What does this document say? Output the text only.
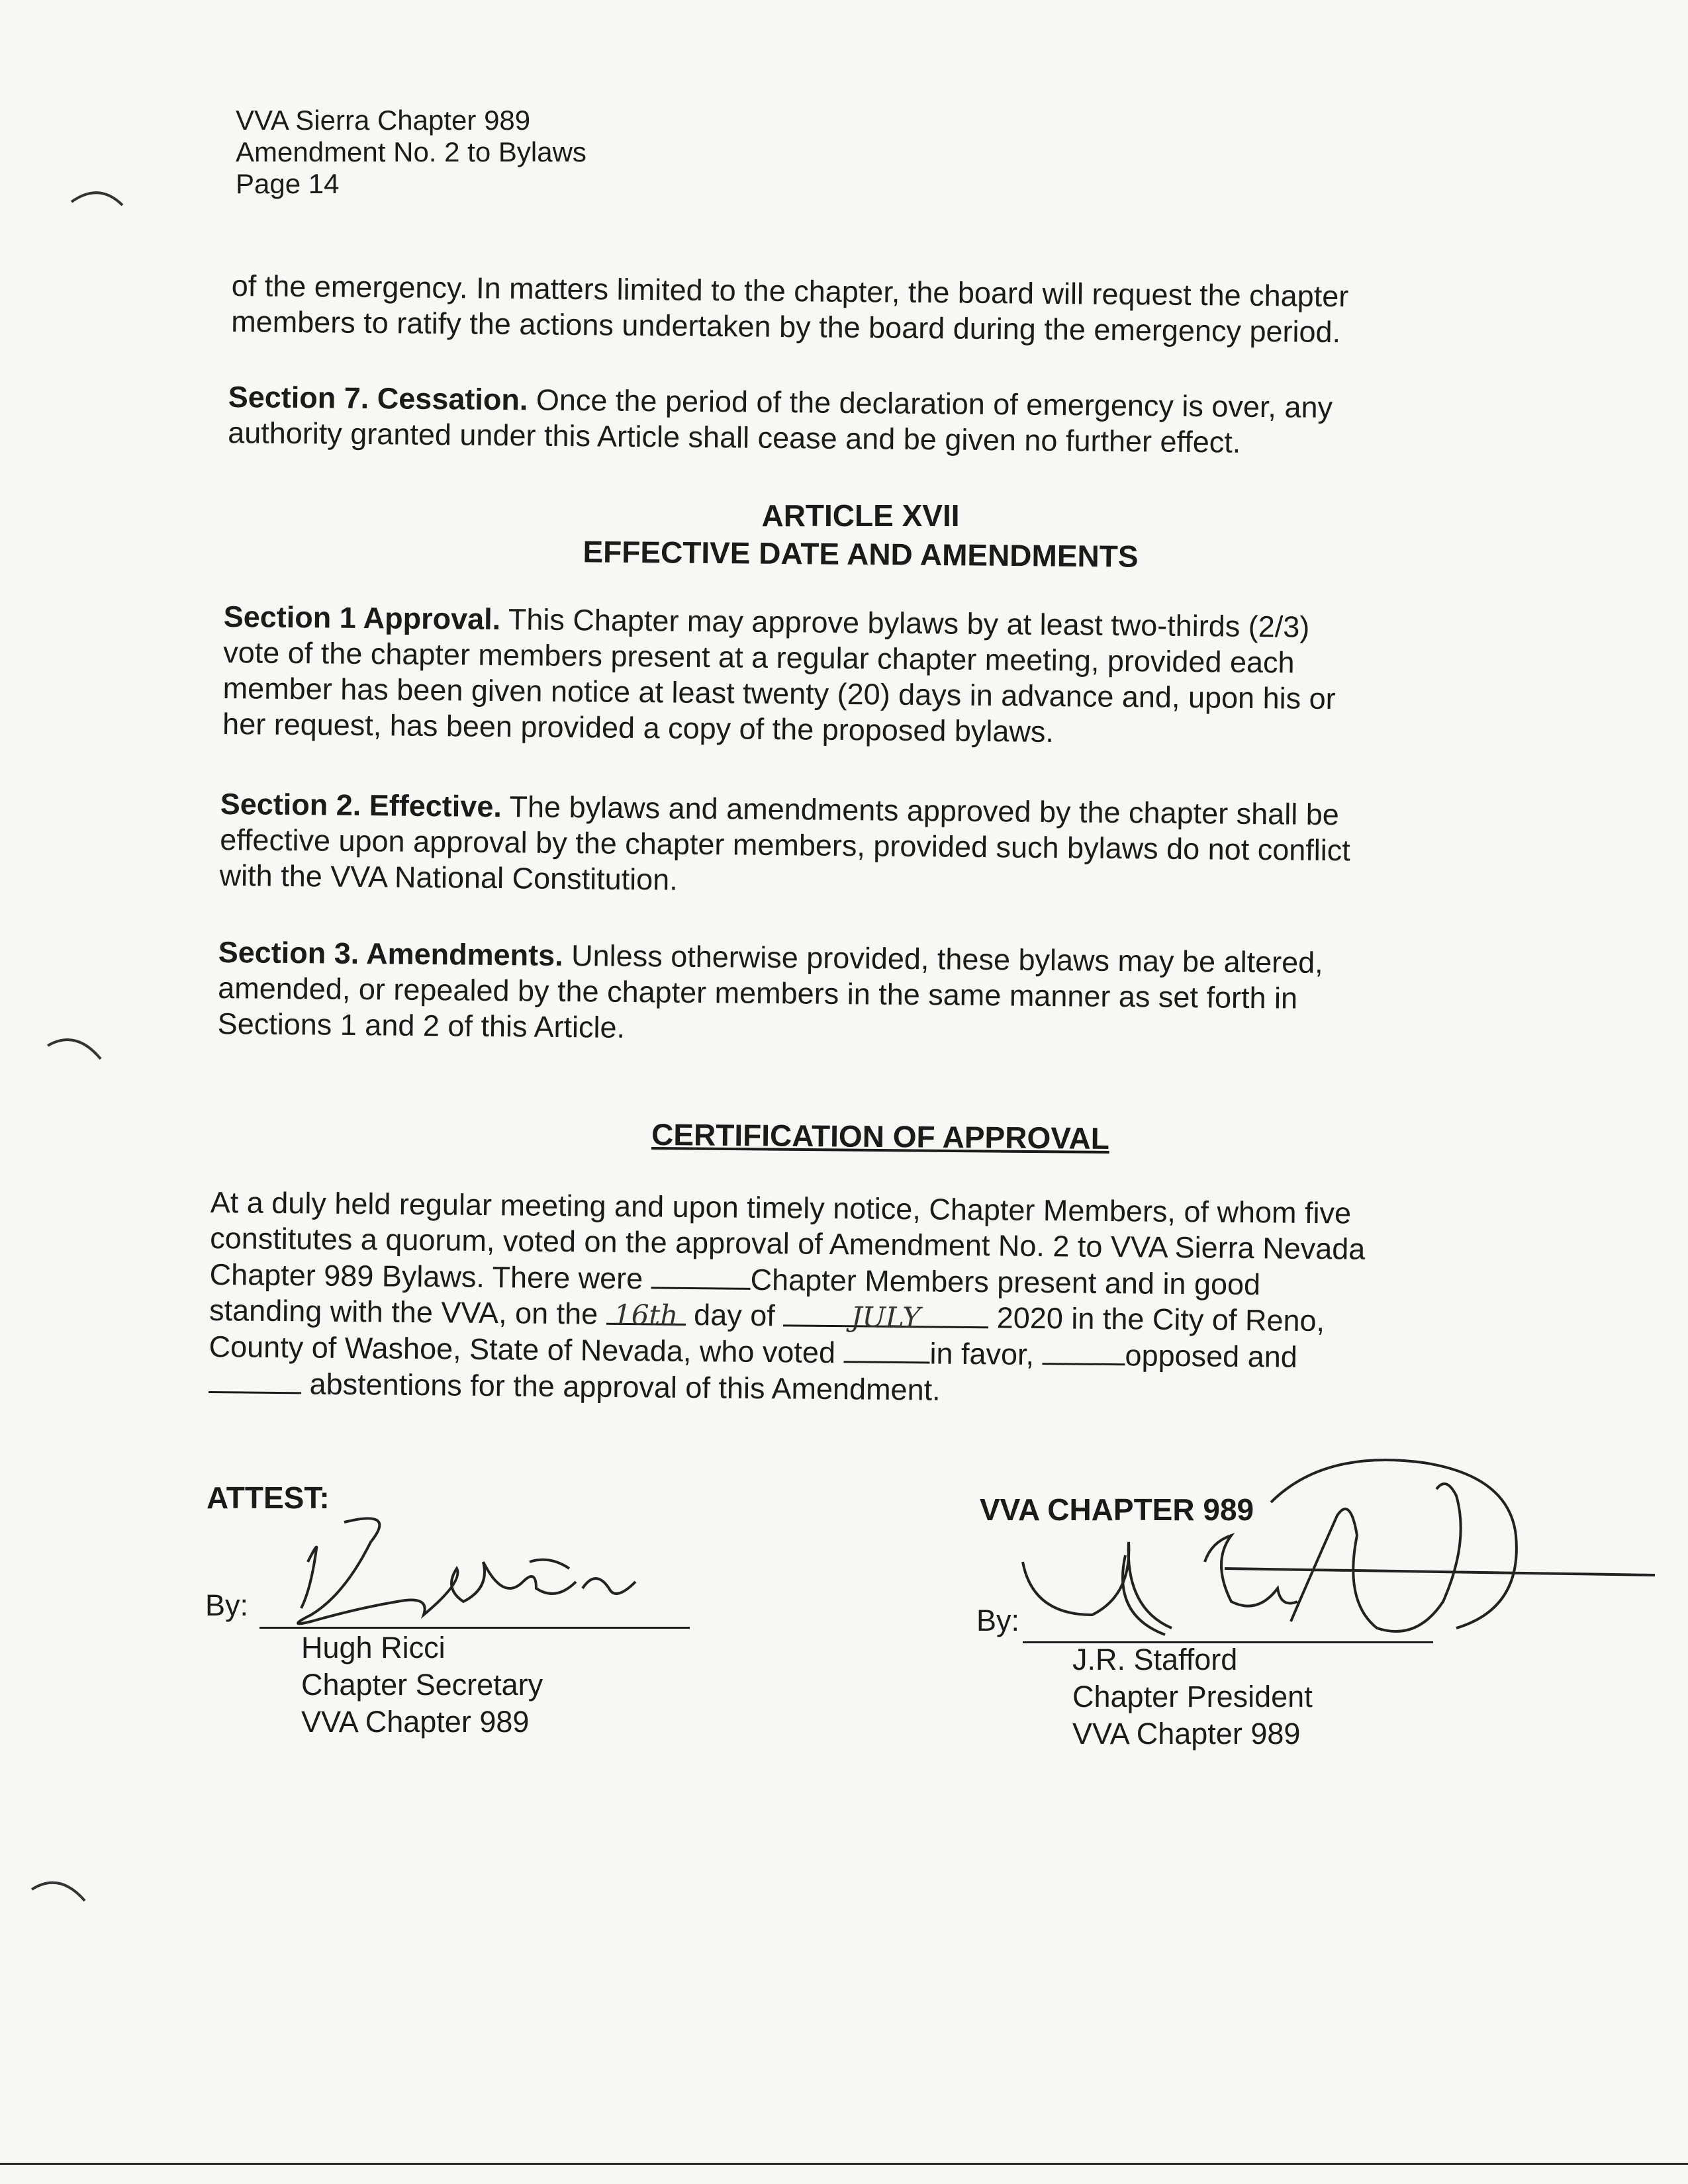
VVA Sierra Chapter 989
Amendment No. 2 to Bylaws
Page 14
of the emergency. In matters limited to the chapter, the board will request the chapter
members to ratify the actions undertaken by the board during the emergency period.
Section 7. Cessation. Once the period of the declaration of emergency is over, any
authority granted under this Article shall cease and be given no further effect.
ARTICLE XVII
EFFECTIVE DATE AND AMENDMENTS
Section 1 Approval. This Chapter may approve bylaws by at least two-thirds (2/3)
vote of the chapter members present at a regular chapter meeting, provided each
member has been given notice at least twenty (20) days in advance and, upon his or
her request, has been provided a copy of the proposed bylaws.
Section 2. Effective. The bylaws and amendments approved by the chapter shall be
effective upon approval by the chapter members, provided such bylaws do not conflict
with the VVA National Constitution.
Section 3. Amendments. Unless otherwise provided, these bylaws may be altered,
amended, or repealed by the chapter members in the same manner as set forth in
Sections 1 and 2 of this Article.
CERTIFICATION OF APPROVAL
At a duly held regular meeting and upon timely notice, Chapter Members, of whom five
constitutes a quorum, voted on the approval of Amendment No. 2 to VVA Sierra Nevada
Chapter 989 Bylaws. There were	Chapter Members present and in good
standing with the VVA, on the 16th day of JULY 2020 in the City of Reno,
County of Washoe, State of Nevada, who voted	in favor,	opposed and
abstentions for the approval of this Amendment.
ATTEST:
By:
Hugh Ricci
Chapter Secretary
VVA Chapter 989
VVA CHAPTER 989
By:
J.R. Stafford
Chapter President
VVA Chapter 989
